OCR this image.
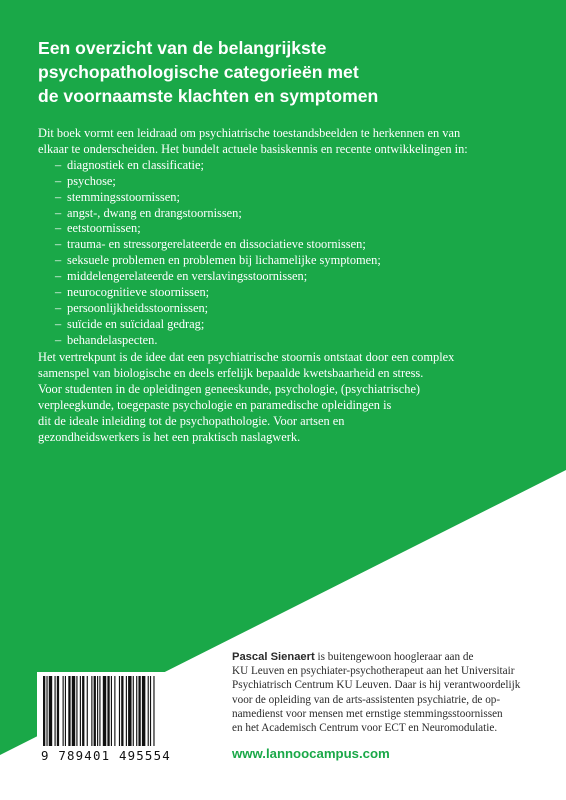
Een overzicht van de belangrijkste
psychopathologische categorieën met
de voornaamste klachten en symptomen

Dit boek vormt een leidraad om psychiatrische toestandsbeelden te herkennen en van

elkaar te onderscheiden. Het bundelt actuele basiskennis en recente ontwikkelingen in:

– diagnostiek en classificatie;
– psychose;
– stemmingsstoornissen;
– angst-, dwang en drangstoornissen;
– eetstoornissen;
– trauma- en stressorgerelateerde en dissociatieve stoornissen;
– seksuele problemen en problemen bij lichamelijke symptomen;
– middelengerelateerde en verslavingsstoornissen;
– neurocognitieve stoornissen;
– persoonlijkheidsstoornissen;
– suïcide en suïcidaal gedrag;
– behandelaspecten.

Het vertrekpunt is de idee dat een psychiatrische stoornis ontstaat door een complex

samenspel van biologische en deels erfelijk bepaalde kwetsbaarheid en stress.

Voor studenten in de opleidingen geneeskunde, psychologie, (psychiatrische)

verpleegkunde, toegepaste psychologie en paramedische opleidingen is

dit de ideale inleiding tot de psychopathologie. Voor artsen en

gezondheidswerkers is het een praktisch naslagwerk.

9 789401 495554
Pascal Sienaert is buitengewoon hoogleraar aan de
KU Leuven en psychiater-psychotherapeut aan het Universitair
Psychiatrisch Centrum KU Leuven. Daar is hij verantwoordelijk
voor de opleiding van de arts-assistenten psychiatrie, de op-
namedienst voor mensen met ernstige stemmingsstoornissen
en het Academisch Centrum voor ECT en Neuromodulatie.
www.lannoocampus.com
